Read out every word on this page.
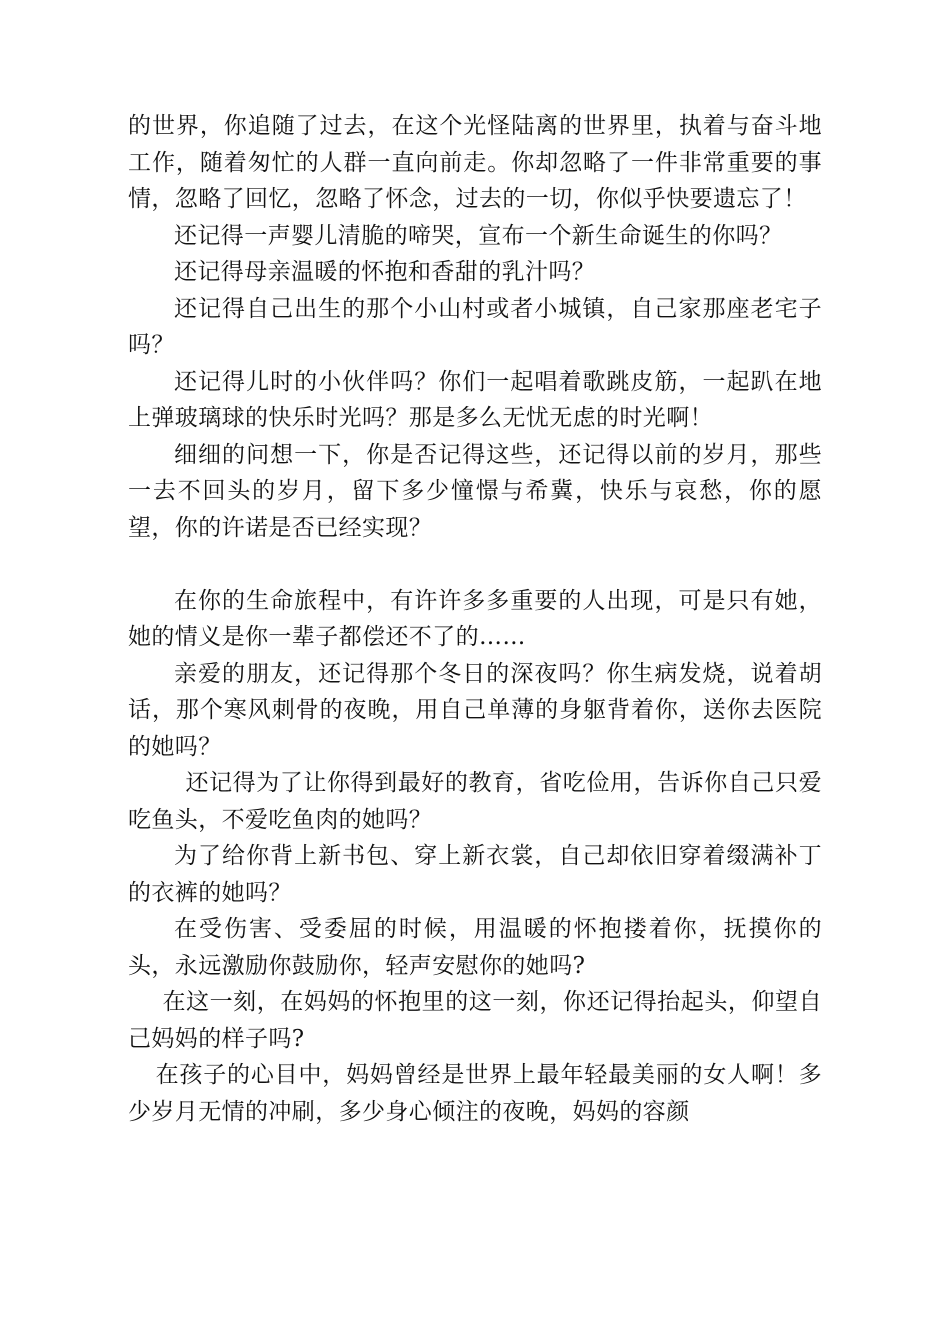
的世界，你追随了过去，在这个光怪陆离的世界里，执着与奋斗地工作，随着匆忙的人群一直向前走。你却忽略了一件非常重要的事情，忽略了回忆，忽略了怀念，过去的一切，你似乎快要遗忘了！

还记得一声婴儿清脆的啼哭，宣布一个新生命诞生的你吗？

还记得母亲温暖的怀抱和香甜的乳汁吗？

还记得自己出生的那个小山村或者小城镇，自己家那座老宅子吗？

还记得儿时的小伙伴吗？你们一起唱着歌跳皮筋，一起趴在地上弹玻璃球的快乐时光吗？那是多么无忧无虑的时光啊！

细细的问想一下，你是否记得这些，还记得以前的岁月，那些一去不回头的岁月，留下多少憧憬与希冀，快乐与哀愁，你的愿望，你的许诺是否已经实现？

在你的生命旅程中，有许许多多重要的人出现，可是只有她，她的情义是你一辈子都偿还不了的……

亲爱的朋友，还记得那个冬日的深夜吗？你生病发烧，说着胡话，那个寒风刺骨的夜晚，用自己单薄的身躯背着你，送你去医院的她吗？

还记得为了让你得到最好的教育，省吃俭用，告诉你自己只爱吃鱼头，不爱吃鱼肉的她吗？

为了给你背上新书包、穿上新衣裳，自己却依旧穿着缀满补丁的衣裤的她吗？

在受伤害、受委屈的时候，用温暖的怀抱搂着你，抚摸你的头，永远激励你鼓励你，轻声安慰你的她吗?

在这一刻，在妈妈的怀抱里的这一刻，你还记得抬起头，仰望自己妈妈的样子吗?

在孩子的心目中，妈妈曾经是世界上最年轻最美丽的女人啊！多少岁月无情的冲刷，多少身心倾注的夜晚，妈妈的容颜
